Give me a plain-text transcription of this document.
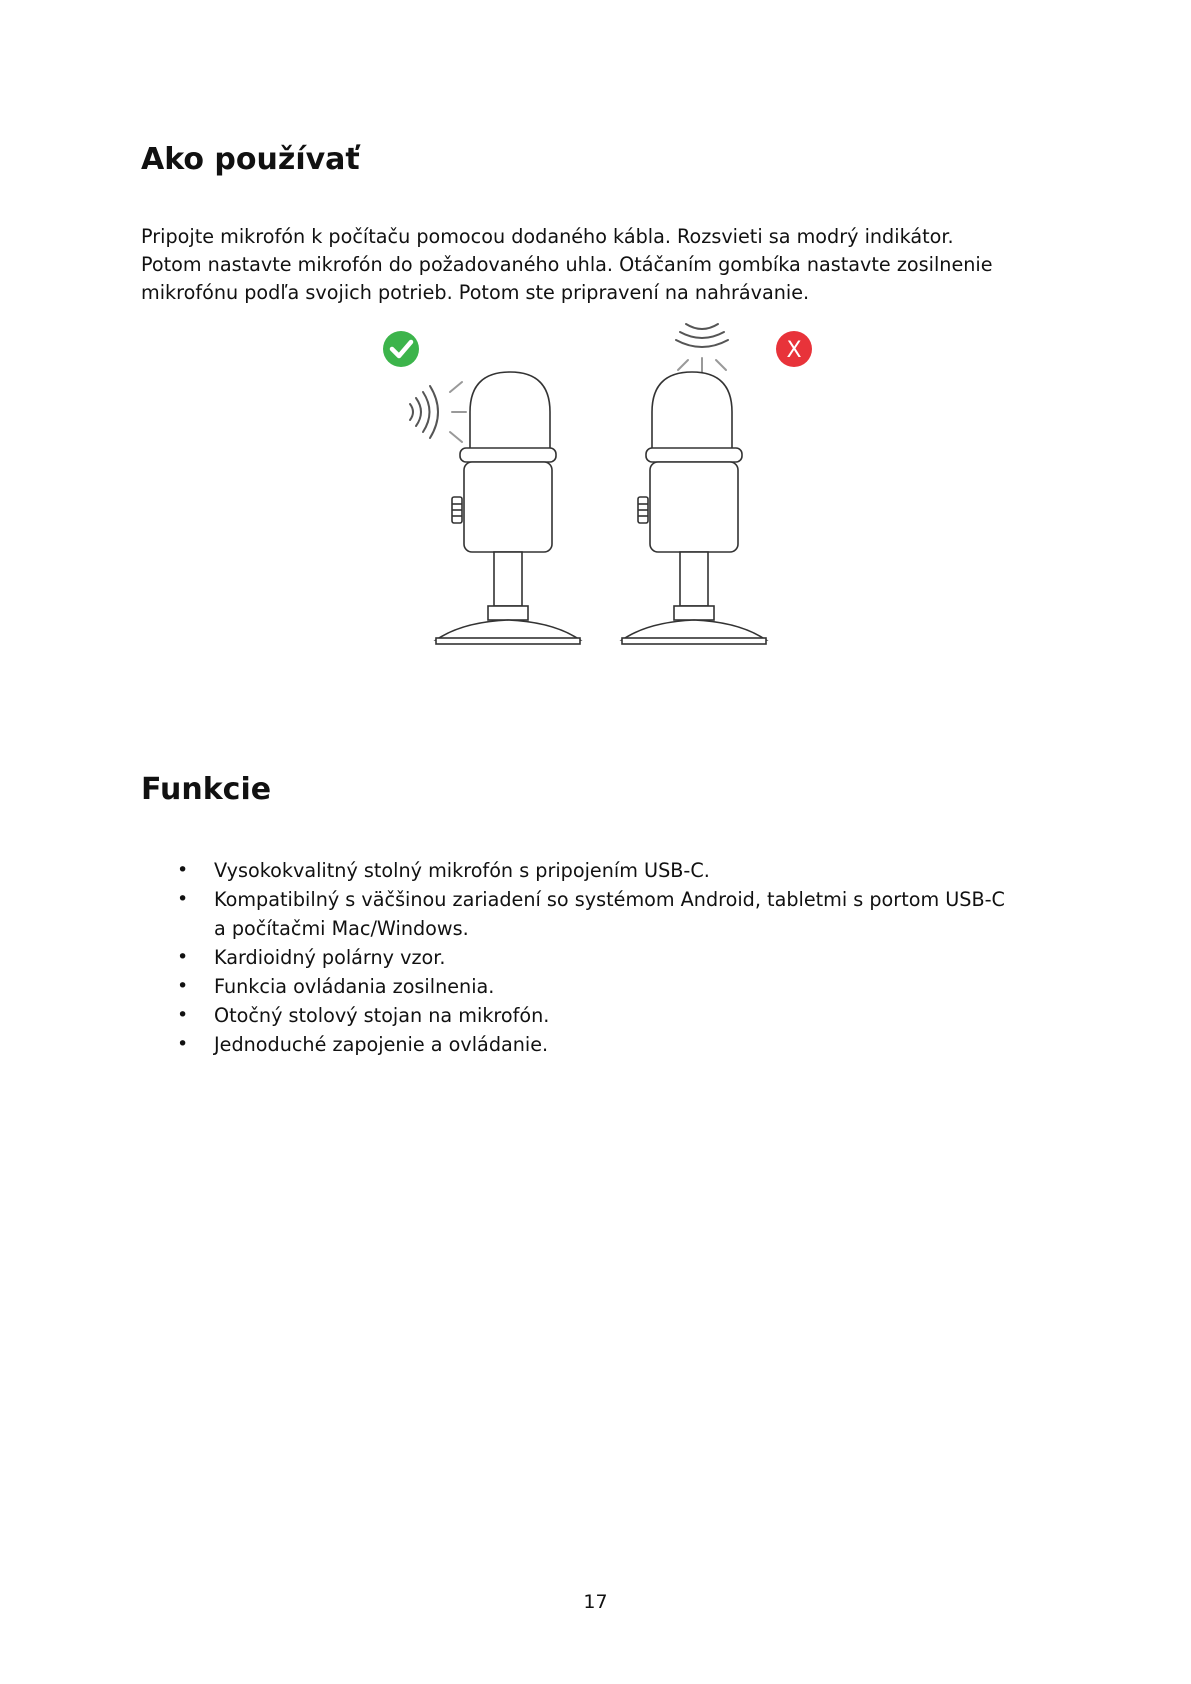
Ako používať

Pripojte mikrofón k počítaču pomocou dodaného kábla. Rozsvieti sa modrý indikátor.
Potom nastavte mikrofón do požadovaného uhla. Otáčaním gombíka nastavte zosilnenie
mikrofónu podľa svojich potrieb. Potom ste pripravení na nahrávanie.

X
Funkcie
• Vysokokvalitný stolný mikrofón s pripojením USB-C.
• Kompatibilný s väčšinou zariadení so systémom Android, tabletmi s portom USB-C
a počítačmi Mac/Windows.
• Kardioidný polárny vzor.
• Funkcia ovládania zosilnenia.
• Otočný stolový stojan na mikrofón.
• Jednoduché zapojenie a ovládanie.
17
